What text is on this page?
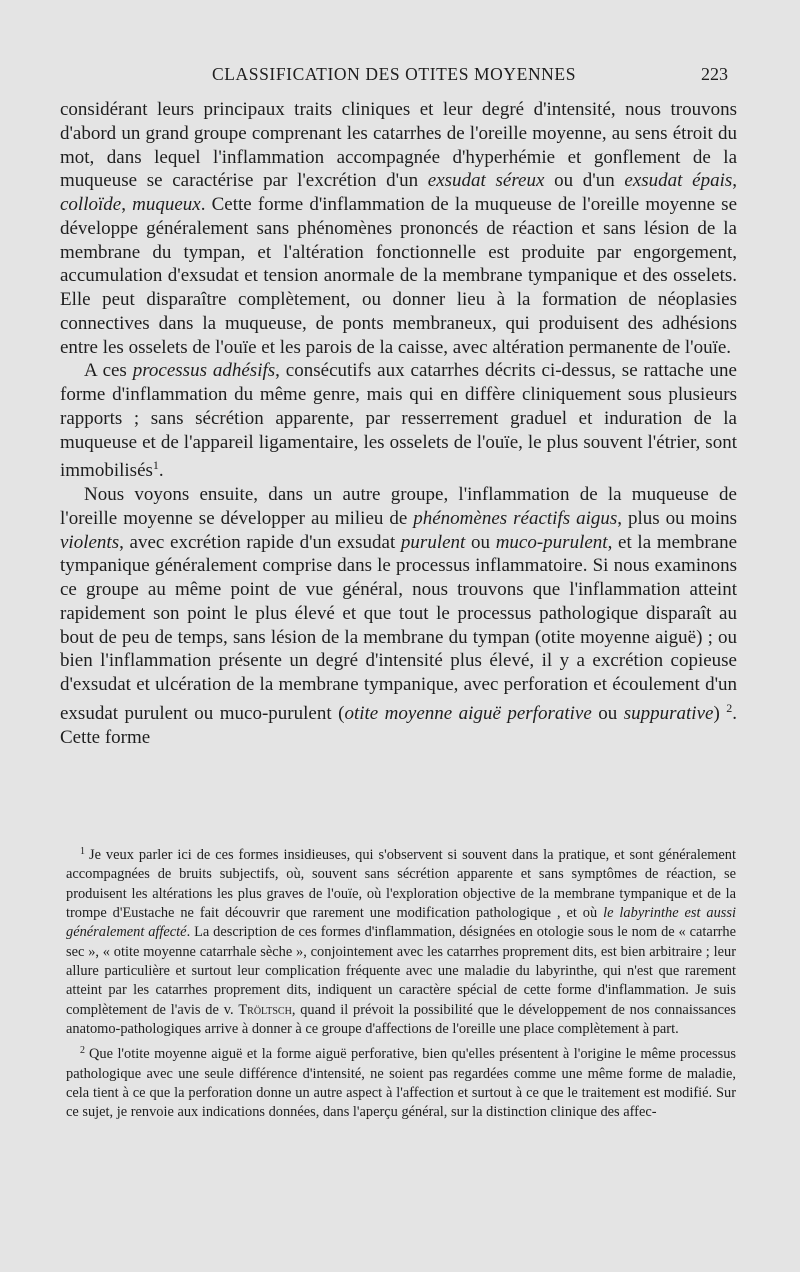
CLASSIFICATION DES OTITES MOYENNES	223

considérant leurs principaux traits cliniques et leur degré d'intensité, nous trouvons d'abord un grand groupe comprenant les catarrhes de l'oreille moyenne, au sens étroit du mot, dans lequel l'inflammation accompagnée d'hyperhémie et gonflement de la muqueuse se caractérise par l'excrétion d'un exsudat séreux ou d'un exsudat épais, colloïde, muqueux. Cette forme d'inflammation de la muqueuse de l'oreille moyenne se développe généralement sans phénomènes prononcés de réaction et sans lésion de la membrane du tympan, et l'altération fonctionnelle est produite par engorgement, accumulation d'exsudat et tension anormale de la membrane tympanique et des osselets. Elle peut disparaître complètement, ou donner lieu à la formation de néoplasies connectives dans la muqueuse, de ponts membraneux, qui produisent des adhésions entre les osselets de l'ouïe et les parois de la caisse, avec altération permanente de l'ouïe.

A ces processus adhésifs, consécutifs aux catarrhes décrits ci-dessus, se rattache une forme d'inflammation du même genre, mais qui en diffère cliniquement sous plusieurs rapports ; sans sécrétion apparente, par resserrement graduel et induration de la muqueuse et de l'appareil ligamentaire, les osselets de l'ouïe, le plus souvent l'étrier, sont immobilisés$^1$.

Nous voyons ensuite, dans un autre groupe, l'inflammation de la muqueuse de l'oreille moyenne se développer au milieu de phénomènes réactifs aigus, plus ou moins violents, avec excrétion rapide d'un exsudat purulent ou muco-purulent, et la membrane tympanique généralement comprise dans le processus inflammatoire. Si nous examinons ce groupe au même point de vue général, nous trouvons que l'inflammation atteint rapidement son point le plus élevé et que tout le processus pathologique disparaît au bout de peu de temps, sans lésion de la membrane du tympan (otite moyenne aiguë) ; ou bien l'inflammation présente un degré d'intensité plus élevé, il y a excrétion copieuse d'exsudat et ulcération de la membrane tympanique, avec perforation et écoulement d'un exsudat purulent ou muco-purulent (otite moyenne aiguë perforative ou suppurative) $^2$. Cette forme

$^1$ Je veux parler ici de ces formes insidieuses, qui s'observent si souvent dans la pratique, et sont généralement accompagnées de bruits subjectifs, où, souvent sans sécrétion apparente et sans symptômes de réaction, se produisent les altérations les plus graves de l'ouïe, où l'exploration objective de la membrane tympanique et de la trompe d'Eustache ne fait découvrir que rarement une modification pathologique , et où le labyrinthe est aussi généralement affecté. La description de ces formes d'inflammation, désignées en otologie sous le nom de « catarrhe sec », « otite moyenne catarrhale sèche », conjointement avec les catarrhes proprement dits, est bien arbitraire ; leur allure particulière et surtout leur complication fréquente avec une maladie du labyrinthe, qui n'est que rarement atteint par les catarrhes proprement dits, indiquent un caractère spécial de cette forme d'inflammation. Je suis complètement de l'avis de v. Tröltsch, quand il prévoit la possibilité que le développement de nos connaissances anatomo-pathologiques arrive à donner à ce groupe d'affections de l'oreille une place complètement à part.

$^2$ Que l'otite moyenne aiguë et la forme aiguë perforative, bien qu'elles présentent à l'origine le même processus pathologique avec une seule différence d'intensité, ne soient pas regardées comme une même forme de maladie, cela tient à ce que la perforation donne un autre aspect à l'affection et surtout à ce que le traitement est modifié. Sur ce sujet, je renvoie aux indications données, dans l'aperçu général, sur la distinction clinique des affec-
